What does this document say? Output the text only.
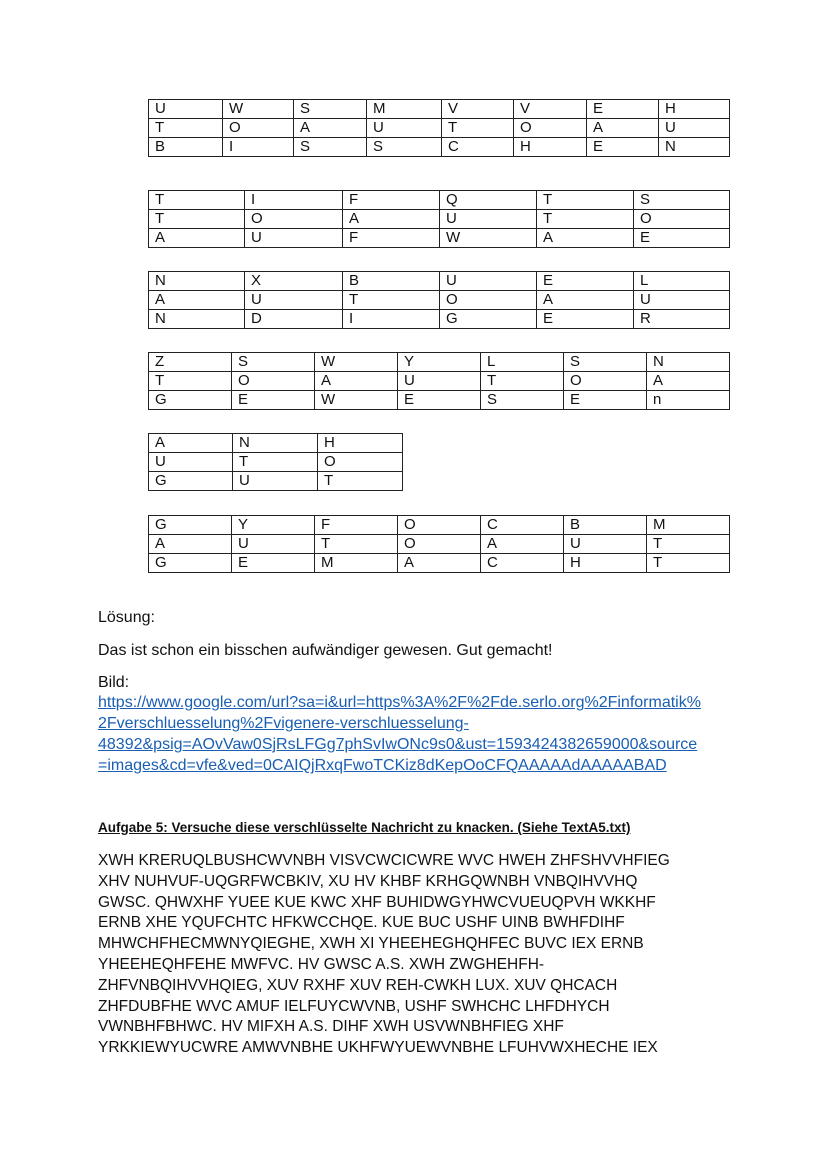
U	W	S	M	V	V	E	H
T	O	A	U	T	O	A	U
B	I	S	S	C	H	E	N
T	I	F	Q	T	S
T	O	A	U	T	O
A	U	F	W	A	E
N	X	B	U	E	L
A	U	T	O	A	U
N	D	I	G	E	R
Z	S	W	Y	L	S	N
T	O	A	U	T	O	A
G	E	W	E	S	E	n
A	N	H
U	T	O
G	U	T
G	Y	F	O	C	B	M
A	U	T	O	A	U	T
G	E	M	A	C	H	T
Lösung:
Das ist schon ein bisschen aufwändiger gewesen. Gut gemacht!
Bild:
https://www.google.com/url?sa=i&url=https%3A%2F%2Fde.serlo.org%2Finformatik%
2Fverschluesselung%2Fvigenere-verschluesselung-
48392&psig=AOvVaw0SjRsLFGg7phSvIwONc9s0&ust=1593424382659000&source
=images&cd=vfe&ved=0CAIQjRxqFwoTCKiz8dKepOoCFQAAAAAdAAAAABAD
Aufgabe 5: Versuche diese verschlüsselte Nachricht zu knacken. (Siehe TextA5.txt)
XWH KRERUQLBUSHCWVNBH VISVCWCICWRE WVC HWEH ZHFSHVVHFIEG
XHV NUHVUF-UQGRFWCBKIV, XU HV KHBF KRHGQWNBH VNBQIHVVHQ
GWSC. QHWXHF YUEE KUE KWC XHF BUHIDWGYHWCVUEUQPVH WKKHF
ERNB XHE YQUFCHTC HFKWCCHQE. KUE BUC USHF UINB BWHFDIHF
MHWCHFHECMWNYQIEGHE, XWH XI YHEEHEGHQHFEC BUVC IEX ERNB
YHEEHEQHFEHE MWFVC. HV GWSC A.S. XWH ZWGHEHFH-
ZHFVNBQIHVVHQIEG, XUV RXHF XUV REH-CWKH LUX. XUV QHCACH
ZHFDUBFHE WVC AMUF IELFUYCWVNB, USHF SWHCHC LHFDHYCH
VWNBHFBHWC. HV MIFXH A.S. DIHF XWH USVWNBHFIEG XHF
YRKKIEWYUCWRE AMWVNBHE UKHFWYUEWVNBHE LFUHVWXHECHE IEX
